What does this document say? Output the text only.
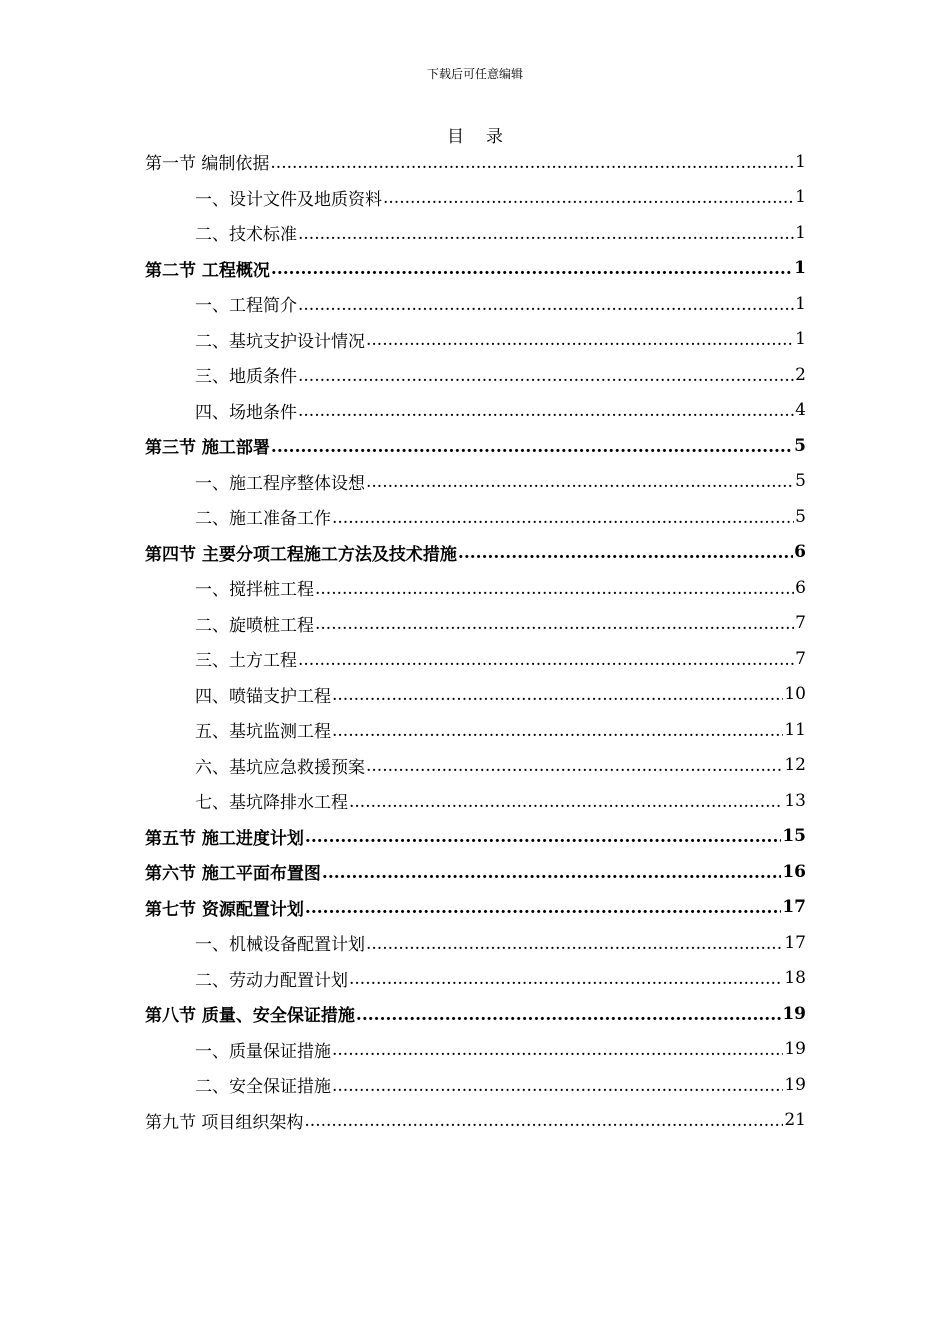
下载后可任意编辑
目录
第一节 编制依据 .....	1
一、设计文件及地质资料 .....	1
二、技术标准 .....	1
第二节 工程概况 .....	1
一、工程简介 .....	1
二、基坑支护设计情况 .....	1
三、地质条件 .....	2
四、场地条件 .....	4
第三节 施工部署 .....	5
一、施工程序整体设想 .....	5
二、施工准备工作 .....	5
第四节 主要分项工程施工方法及技术措施 .....	6
一、搅拌桩工程 .....	6
二、旋喷桩工程 .....	7
三、土方工程 .....	7
四、喷锚支护工程 .....	10
五、基坑监测工程 .....	11
六、基坑应急救援预案 .....	12
七、基坑降排水工程 .....	13
第五节 施工进度计划 .....	15
第六节 施工平面布置图 .....	16
第七节 资源配置计划 .....	17
一、机械设备配置计划 .....	17
二、劳动力配置计划 .....	18
第八节 质量、安全保证措施 .....	19
一、质量保证措施 .....	19
二、安全保证措施 .....	19
第九节 项目组织架构 .....	21
